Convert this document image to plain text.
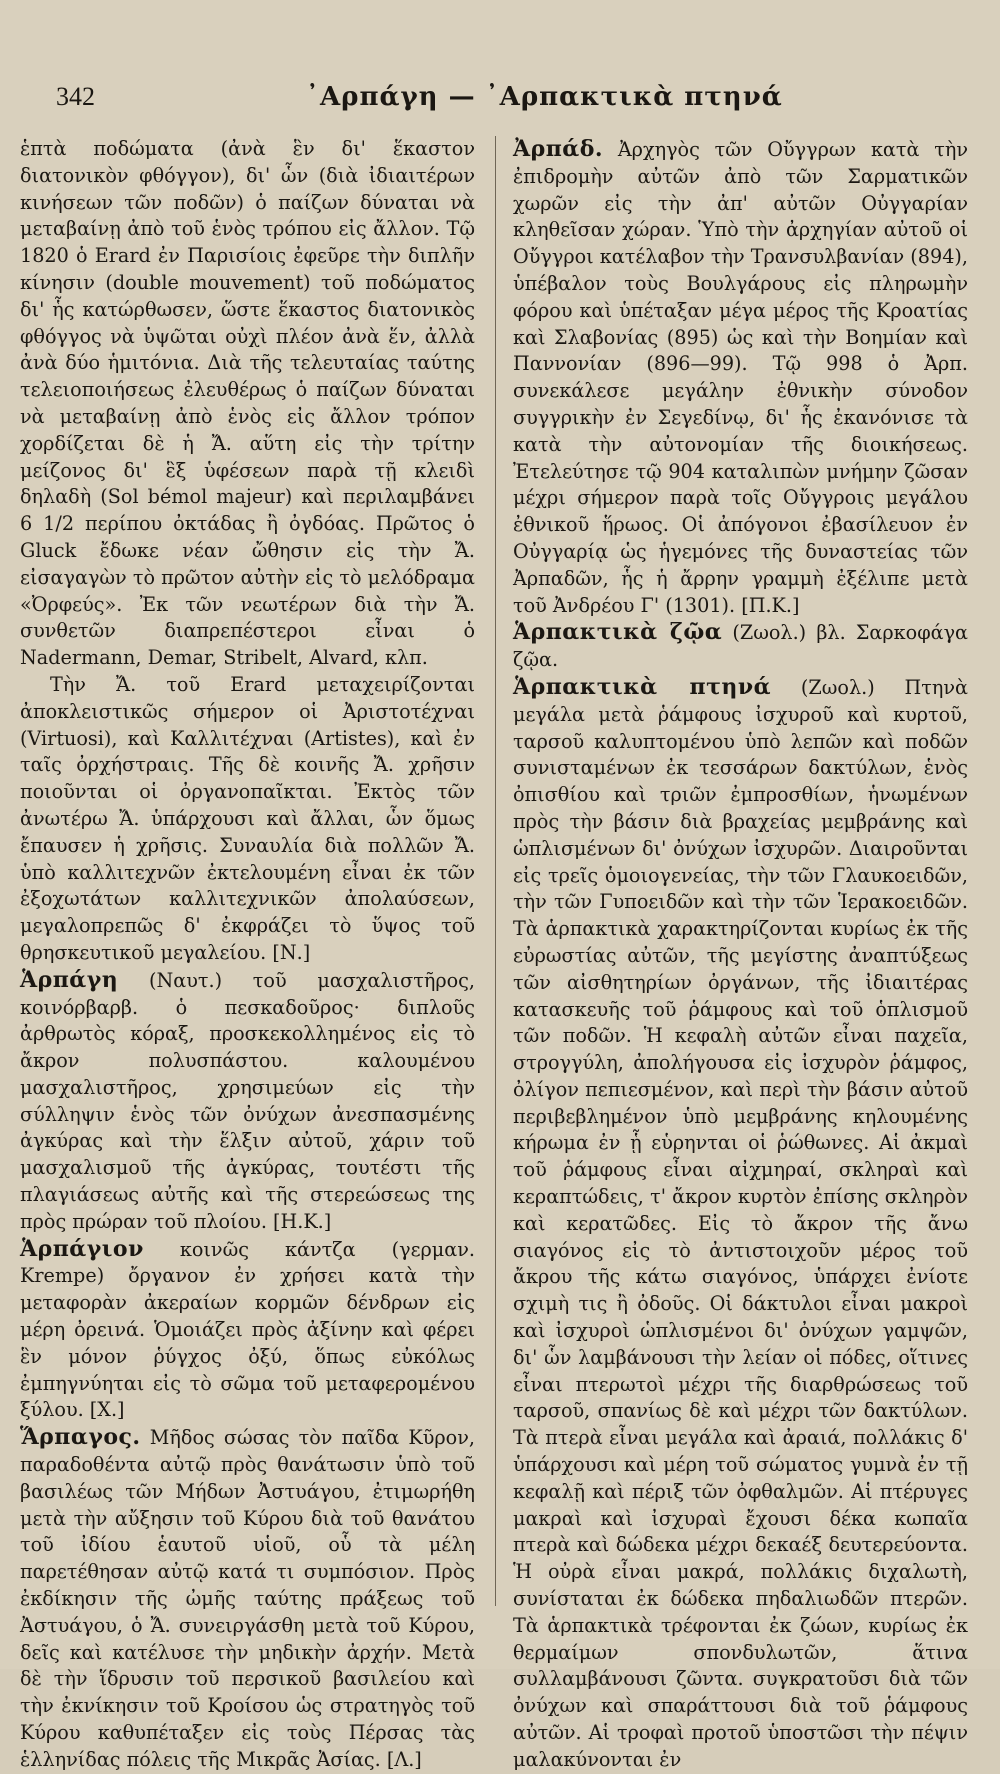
342	᾿Αρπάγη — ᾿Αρπακτικὰ πτηνά

ἑπτὰ ποδώματα (ἀνὰ ἓν δι' ἕκαστον διατονικὸν φθόγγον), δι' ὧν (διὰ ἰδιαιτέρων κινήσεων τῶν ποδῶν) ὁ παίζων δύναται νὰ μεταβαίνῃ ἀπὸ τοῦ ἑνὸς τρόπου εἰς ἄλλον. Τῷ 1820 ὁ Erard ἐν Παρισίοις ἐφεῦρε τὴν διπλῆν κίνησιν (double mouvement) τοῦ ποδώματος δι' ἧς κατώρθωσεν, ὥστε ἕκαστος διατονικὸς φθόγγος νὰ ὑψῶται οὐχὶ πλέον ἀνὰ ἕν, ἀλλὰ ἀνὰ δύο ἡμιτόνια. Διὰ τῆς τελευταίας ταύτης τελειοποιήσεως ἐλευθέρως ὁ παίζων δύναται νὰ μεταβαίνῃ ἀπὸ ἑνὸς εἰς ἄλλον τρόπον χορδίζεται δὲ ἡ Ἄ. αὕτη εἰς τὴν τρίτην μείζονος δι' ἓξ ὑφέσεων παρὰ τῇ κλειδὶ δηλαδὴ (Sol bémol majeur) καὶ περιλαμβάνει 6 1/2 περίπου ὀκτάδας ἢ ὀγδόας. Πρῶτος ὁ Gluck ἔδωκε νέαν ὤθησιν εἰς τὴν Ἄ. εἰσαγαγὼν τὸ πρῶτον αὐτὴν εἰς τὸ μελόδραμα «Ὀρφεύς». Ἐκ τῶν νεωτέρων διὰ τὴν Ἄ. συνθετῶν διαπρεπέστεροι εἶναι ὁ Nadermann, Demar, Stribelt, Alvard, κλπ.

Τὴν Ἄ. τοῦ Erard μεταχειρίζονται ἀποκλειστικῶς σήμερον οἱ Ἀριστοτέχναι (Virtuosi), καὶ Καλλιτέχναι (Artistes), καὶ ἐν ταῖς ὀρχήστραις. Τῆς δὲ κοινῆς Ἄ. χρῆσιν ποιοῦνται οἱ ὀργανοπαῖκται. Ἐκτὸς τῶν ἀνωτέρω Ἄ. ὑπάρχουσι καὶ ἄλλαι, ὧν ὅμως ἔπαυσεν ἡ χρῆσις. Συναυλία διὰ πολλῶν Ἄ. ὑπὸ καλλιτεχνῶν ἐκτελουμένη εἶναι ἐκ τῶν ἐξοχωτάτων καλλιτεχνικῶν ἀπολαύσεων, μεγαλοπρεπῶς δ' ἐκφράζει τὸ ὕψος τοῦ θρησκευτικοῦ μεγαλείου. [Ν.]

Ἁρπάγη (Ναυτ.) τοῦ μασχαλιστῆρος, κοινόρβαρβ. ὁ πεσκαδοῦρος· διπλοῦς ἀρθρωτὸς κόραξ, προσκεκολλημένος εἰς τὸ ἄκρον πολυσπάστου. καλουμένου μασχαλιστῆρος, χρησιμεύων εἰς τὴν σύλληψιν ἑνὸς τῶν ὀνύχων ἀνεσπασμένης ἀγκύρας καὶ τὴν ἕλξιν αὐτοῦ, χάριν τοῦ μασχαλισμοῦ τῆς ἀγκύρας, τουτέστι τῆς πλαγιάσεως αὐτῆς καὶ τῆς στερεώσεως της πρὸς πρώραν τοῦ πλοίου. [Η.Κ.]

Ἁρπάγιον κοινῶς κάντζα (γερμαν. Krempe) ὄργανον ἐν χρήσει κατὰ τὴν μεταφορὰν ἀκεραίων κορμῶν δένδρων εἰς μέρη ὀρεινά. Ὁμοιάζει πρὸς ἀξίνην καὶ φέρει ἓν μόνον ῥύγχος ὀξύ, ὅπως εὐκόλως ἐμπηγνύηται εἰς τὸ σῶμα τοῦ μεταφερομένου ξύλου. [Χ.]

Ἅρπαγος. Μῆδος σώσας τὸν παῖδα Κῦρον, παραδοθέντα αὐτῷ πρὸς θανάτωσιν ὑπὸ τοῦ βασιλέως τῶν Μήδων Ἀστυάγου, ἐτιμωρήθη μετὰ τὴν αὔξησιν τοῦ Κύρου διὰ τοῦ θανάτου τοῦ ἰδίου ἑαυτοῦ υἱοῦ, οὗ τὰ μέλη παρετέθησαν αὐτῷ κατά τι συμπόσιον. Πρὸς ἐκδίκησιν τῆς ὠμῆς ταύτης πράξεως τοῦ Ἀστυάγου, ὁ Ἄ. συνειργάσθη μετὰ τοῦ Κύρου, δεῖς καὶ κατέλυσε τὴν μηδικὴν ἀρχήν. Μετὰ δὲ τὴν ἵδρυσιν τοῦ περσικοῦ βασιλείου καὶ τὴν ἐκνίκησιν τοῦ Κροίσου ὡς στρατηγὸς τοῦ Κύρου καθυπέταξεν εἰς τοὺς Πέρσας τὰς ἑλληνίδας πόλεις τῆς Μικρᾶς Ἀσίας. [Λ.]

Ἀρπάδ. Ἀρχηγὸς τῶν Οὔγγρων κατὰ τὴν ἐπιδρομὴν αὐτῶν ἀπὸ τῶν Σαρματικῶν χωρῶν εἰς τὴν ἀπ' αὐτῶν Οὐγγαρίαν κληθεῖσαν χώραν. Ὑπὸ τὴν ἀρχηγίαν αὐτοῦ οἱ Οὔγγροι κατέλαβον τὴν Τρανσυλβανίαν (894), ὑπέβαλον τοὺς Βουλγάρους εἰς πληρωμὴν φόρου καὶ ὑπέταξαν μέγα μέρος τῆς Κροατίας καὶ Σλαβονίας (895) ὡς καὶ τὴν Βοημίαν καὶ Παννονίαν (896—99). Τῷ 998 ὁ Ἀρπ. συνεκάλεσε μεγάλην ἐθνικὴν σύνοδον συγγρικὴν ἐν Σεγεδίνῳ, δι' ἧς ἐκανόνισε τὰ κατὰ τὴν αὐτονομίαν τῆς διοικήσεως. Ἐτελεύτησε τῷ 904 καταλιπὼν μνήμην ζῶσαν μέχρι σήμερον παρὰ τοῖς Οὔγγροις μεγάλου ἐθνικοῦ ἥρωος. Οἱ ἀπόγονοι ἐβασίλευον ἐν Οὐγγαρίᾳ ὡς ἡγεμόνες τῆς δυναστείας τῶν Ἀρπαδῶν, ἧς ἡ ἄρρην γραμμὴ ἐξέλιπε μετὰ τοῦ Ἀνδρέου Γ' (1301). [Π.Κ.]

Ἁρπακτικὰ ζῷα (Ζωολ.) βλ. Σαρκοφάγα ζῷα.

Ἁρπακτικὰ πτηνά (Ζωολ.) Πτηνὰ μεγάλα μετὰ ῥάμφους ἰσχυροῦ καὶ κυρτοῦ, ταρσοῦ καλυπτομένου ὑπὸ λεπῶν καὶ ποδῶν συνισταμένων ἐκ τεσσάρων δακτύλων, ἑνὸς ὀπισθίου καὶ τριῶν ἐμπροσθίων, ἡνωμένων πρὸς τὴν βάσιν διὰ βραχείας μεμβράνης καὶ ὡπλισμένων δι' ὀνύχων ἰσχυρῶν. Διαιροῦνται εἰς τρεῖς ὁμοιογενείας, τὴν τῶν Γλαυκοειδῶν, τὴν τῶν Γυποειδῶν καὶ τὴν τῶν Ἱερακοειδῶν. Τὰ ἁρπακτικὰ χαρακτηρίζονται κυρίως ἐκ τῆς εὐρωστίας αὐτῶν, τῆς μεγίστης ἀναπτύξεως τῶν αἰσθητηρίων ὀργάνων, τῆς ἰδιαιτέρας κατασκευῆς τοῦ ῥάμφους καὶ τοῦ ὁπλισμοῦ τῶν ποδῶν. Ἡ κεφαλὴ αὐτῶν εἶναι παχεῖα, στρογγύλη, ἀπολήγουσα εἰς ἰσχυρὸν ῥάμφος, ὀλίγον πεπιεσμένον, καὶ περὶ τὴν βάσιν αὐτοῦ περιβεβλημένον ὑπὸ μεμβράνης κηλουμένης κήρωμα ἐν ᾗ εὑρηνται οἱ ῥώθωνες. Αἱ ἀκμαὶ τοῦ ῥάμφους εἶναι αἰχμηραί, σκληραὶ καὶ κεραπτώδεις, τ' ἄκρον κυρτὸν ἐπίσης σκληρὸν καὶ κερατῶδες. Εἰς τὸ ἄκρον τῆς ἄνω σιαγόνος εἰς τὸ ἀντιστοιχοῦν μέρος τοῦ ἄκρου τῆς κάτω σιαγόνος, ὑπάρχει ἐνίοτε σχιμὴ τις ἢ ὀδοῦς. Οἱ δάκτυλοι εἶναι μακροὶ καὶ ἰσχυροὶ ὡπλισμένοι δι' ὀνύχων γαμψῶν, δι' ὧν λαμβάνουσι τὴν λείαν οἱ πόδες, οἵτινες εἶναι πτερωτοὶ μέχρι τῆς διαρθρώσεως τοῦ ταρσοῦ, σπανίως δὲ καὶ μέχρι τῶν δακτύλων. Τὰ πτερὰ εἶναι μεγάλα καὶ ἀραιά, πολλάκις δ' ὑπάρχουσι καὶ μέρη τοῦ σώματος γυμνὰ ἐν τῇ κεφαλῇ καὶ πέριξ τῶν ὀφθαλμῶν. Αἱ πτέρυγες μακραὶ καὶ ἰσχυραὶ ἔχουσι δέκα κωπαῖα πτερὰ καὶ δώδεκα μέχρι δεκαέξ δευτερεύοντα. Ἡ οὐρὰ εἶναι μακρά, πολλάκις διχαλωτὴ, συνίσταται ἐκ δώδεκα πηδαλιωδῶν πτερῶν. Τὰ ἁρπακτικὰ τρέφονται ἐκ ζώων, κυρίως ἐκ θερμαίμων σπονδυλωτῶν, ἅτινα συλλαμβάνουσι ζῶντα. συγκρατοῦσι διὰ τῶν ὀνύχων καὶ σπαράττουσι διὰ τοῦ ῥάμφους αὐτῶν. Αἱ τροφαὶ προτοῦ ὑποστῶσι τὴν πέψιν μαλακύνονται ἐν
